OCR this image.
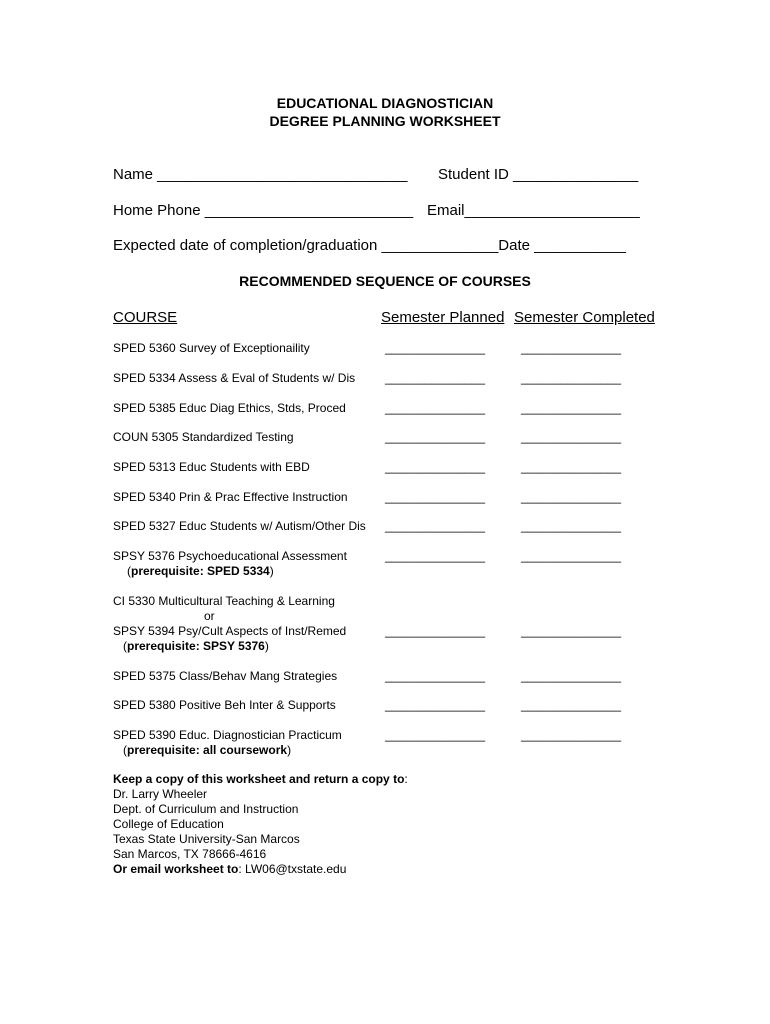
EDUCATIONAL DIAGNOSTICIAN
DEGREE PLANNING WORKSHEET
Name ______________________________ Student ID _______________
Home Phone _________________________ Email_____________________
Expected date of completion/graduation ______________Date ___________
RECOMMENDED SEQUENCE OF COURSES
COURSE	Semester Planned Semester Completed
SPED 5360 Survey of Exceptionaility	_______________	_______________
SPED 5334 Assess & Eval of Students w/ Dis _______________	_______________
SPED 5385 Educ Diag Ethics, Stds, Proced	_______________	_______________
COUN 5305 Standardized Testing	_______________	_______________
SPED 5313 Educ Students with EBD	_______________	_______________
SPED 5340 Prin & Prac Effective Instruction	_______________	_______________
SPED 5327 Educ Students w/ Autism/Other Dis _______________	_______________
SPSY 5376 Psychoeducational Assessment	_______________	_______________
(prerequisite: SPED 5334)
CI 5330 Multicultural Teaching & Learning
or
SPSY 5394 Psy/Cult Aspects of Inst/Remed	_______________	_______________
(prerequisite: SPSY 5376)
SPED 5375 Class/Behav Mang Strategies	_______________	_______________
SPED 5380 Positive Beh Inter & Supports	_______________	_______________
SPED 5390 Educ. Diagnostician Practicum	_______________	_______________
(prerequisite: all coursework)
Keep a copy of this worksheet and return a copy to:
Dr. Larry Wheeler
Dept. of Curriculum and Instruction
College of Education
Texas State University-San Marcos
San Marcos, TX 78666-4616
Or email worksheet to: LW06@txstate.edu
